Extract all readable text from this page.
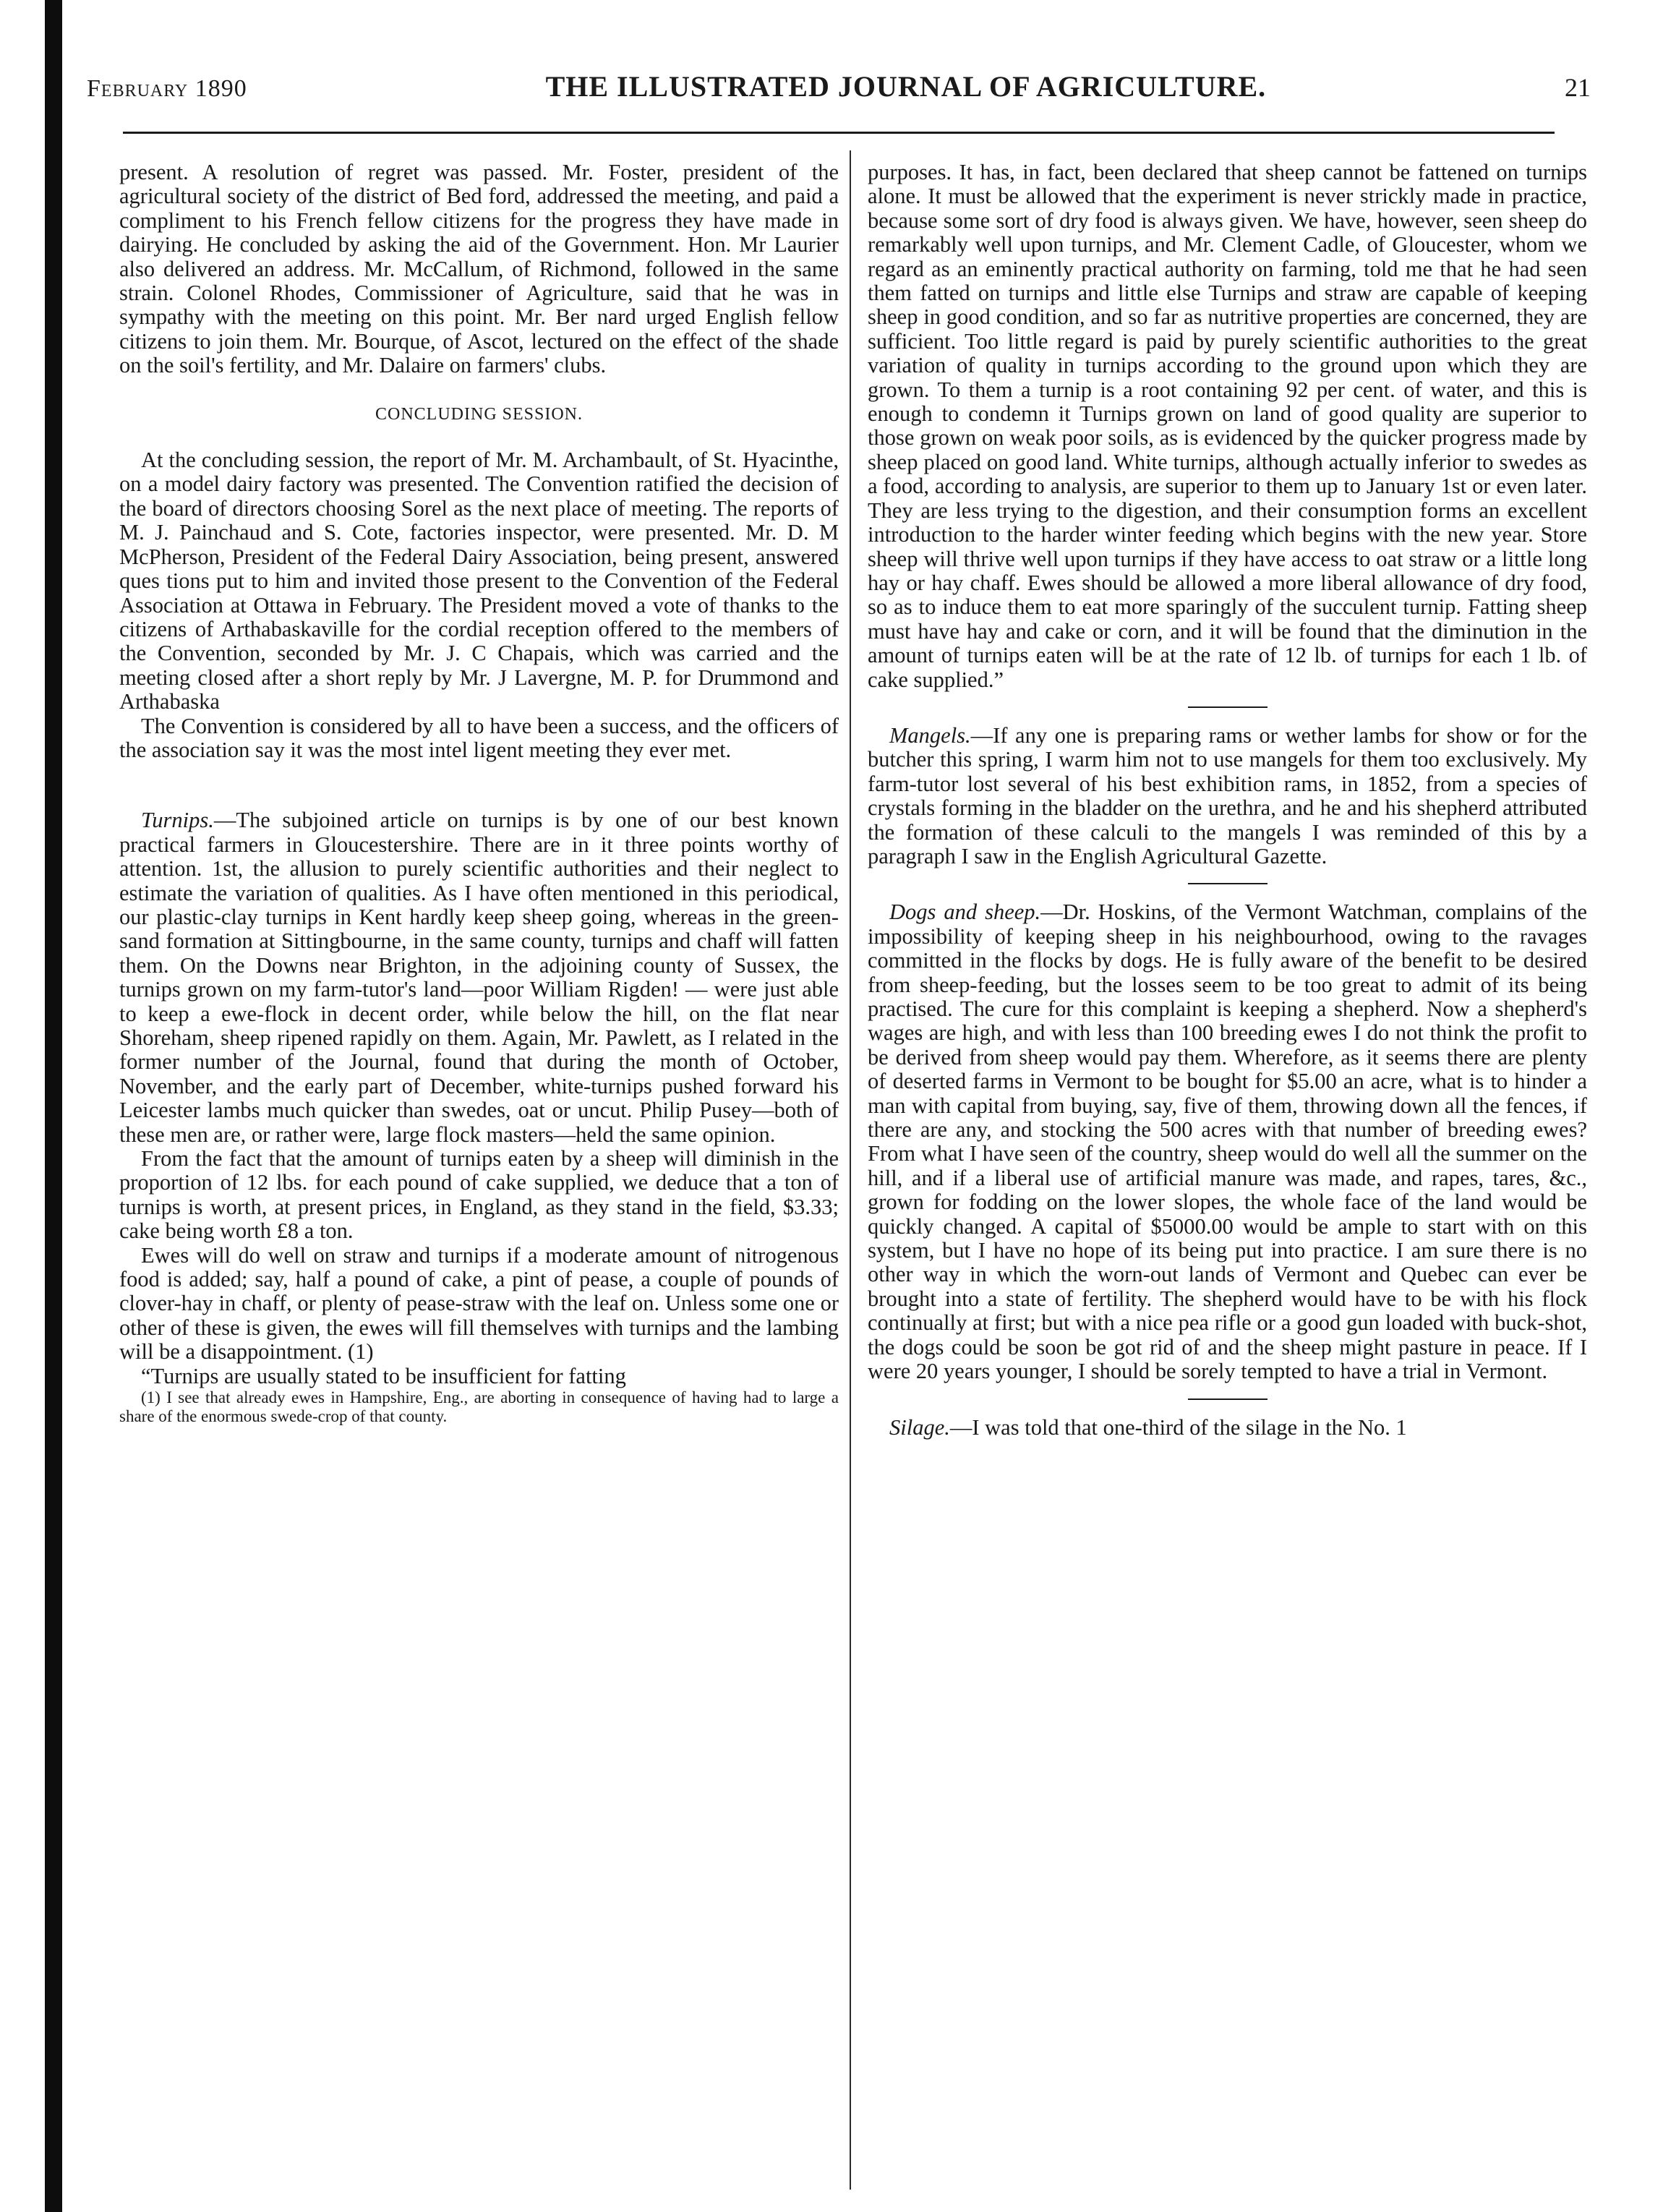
February 1890	THE ILLUSTRATED JOURNAL OF AGRICULTURE.	21

present. A resolution of regret was passed. Mr. Foster, president of the agricultural society of the district of Bed ford, addressed the meeting, and paid a compliment to his French fellow citizens for the progress they have made in dairying. He concluded by asking the aid of the Government. Hon. Mr Laurier also delivered an address. Mr. McCallum, of Richmond, followed in the same strain. Colonel Rhodes, Commissioner of Agriculture, said that he was in sympathy with the meeting on this point. Mr. Ber nard urged English fellow citizens to join them. Mr. Bourque, of Ascot, lectured on the effect of the shade on the soil's fertility, and Mr. Dalaire on farmers' clubs.

CONCLUDING SESSION.

At the concluding session, the report of Mr. M. Archambault, of St. Hyacinthe, on a model dairy factory was presented. The Convention ratified the decision of the board of directors choosing Sorel as the next place of meeting. The reports of M. J. Painchaud and S. Cote, factories inspector, were presented. Mr. D. M McPherson, President of the Federal Dairy Association, being present, answered ques tions put to him and invited those present to the Convention of the Federal Association at Ottawa in February. The President moved a vote of thanks to the citizens of Arthabaskaville for the cordial reception offered to the members of the Convention, seconded by Mr. J. C Chapais, which was carried and the meeting closed after a short reply by Mr. J Lavergne, M. P. for Drummond and Arthabaska

The Convention is considered by all to have been a success, and the officers of the association say it was the most intel ligent meeting they ever met.

Turnips.—The subjoined article on turnips is by one of our best known practical farmers in Gloucestershire. There are in it three points worthy of attention. 1st, the allusion to purely scientific authorities and their neglect to estimate the variation of qualities. As I have often mentioned in this periodical, our plastic-clay turnips in Kent hardly keep sheep going, whereas in the green-sand formation at Sittingbourne, in the same county, turnips and chaff will fatten them. On the Downs near Brighton, in the adjoining county of Sussex, the turnips grown on my farm-tutor's land—poor William Rigden! — were just able to keep a ewe-flock in decent order, while below the hill, on the flat near Shoreham, sheep ripened rapidly on them. Again, Mr. Pawlett, as I related in the former number of the Journal, found that during the month of October, November, and the early part of December, white-turnips pushed forward his Leicester lambs much quicker than swedes, oat or uncut. Philip Pusey—both of these men are, or rather were, large flock masters—held the same opinion.

From the fact that the amount of turnips eaten by a sheep will diminish in the proportion of 12 lbs. for each pound of cake supplied, we deduce that a ton of turnips is worth, at present prices, in England, as they stand in the field, $3.33; cake being worth £8 a ton.

Ewes will do well on straw and turnips if a moderate amount of nitrogenous food is added; say, half a pound of cake, a pint of pease, a couple of pounds of clover-hay in chaff, or plenty of pease-straw with the leaf on. Unless some one or other of these is given, the ewes will fill themselves with turnips and the lambing will be a disappointment. (1)

“Turnips are usually stated to be insufficient for fatting

(1) I see that already ewes in Hampshire, Eng., are aborting in consequence of having had to large a share of the enormous swede-crop of that county.

purposes. It has, in fact, been declared that sheep cannot be fattened on turnips alone. It must be allowed that the experiment is never strickly made in practice, because some sort of dry food is always given. We have, however, seen sheep do remarkably well upon turnips, and Mr. Clement Cadle, of Gloucester, whom we regard as an eminently practical authority on farming, told me that he had seen them fatted on turnips and little else Turnips and straw are capable of keeping sheep in good condition, and so far as nutritive properties are concerned, they are sufficient. Too little regard is paid by purely scientific authorities to the great variation of quality in turnips according to the ground upon which they are grown. To them a turnip is a root containing 92 per cent. of water, and this is enough to condemn it Turnips grown on land of good quality are superior to those grown on weak poor soils, as is evidenced by the quicker progress made by sheep placed on good land. White turnips, although actually inferior to swedes as a food, according to analysis, are superior to them up to January 1st or even later. They are less trying to the digestion, and their consumption forms an excellent introduction to the harder winter feeding which begins with the new year. Store sheep will thrive well upon turnips if they have access to oat straw or a little long hay or hay chaff. Ewes should be allowed a more liberal allowance of dry food, so as to induce them to eat more sparingly of the succulent turnip. Fatting sheep must have hay and cake or corn, and it will be found that the diminution in the amount of turnips eaten will be at the rate of 12 lb. of turnips for each 1 lb. of cake supplied.”

Mangels.—If any one is preparing rams or wether lambs for show or for the butcher this spring, I warm him not to use mangels for them too exclusively. My farm-tutor lost several of his best exhibition rams, in 1852, from a species of crystals forming in the bladder on the urethra, and he and his shepherd attributed the formation of these calculi to the mangels I was reminded of this by a paragraph I saw in the English Agricultural Gazette.

Dogs and sheep.—Dr. Hoskins, of the Vermont Watchman, complains of the impossibility of keeping sheep in his neighbourhood, owing to the ravages committed in the flocks by dogs. He is fully aware of the benefit to be desired from sheep-feeding, but the losses seem to be too great to admit of its being practised. The cure for this complaint is keeping a shepherd. Now a shepherd's wages are high, and with less than 100 breeding ewes I do not think the profit to be derived from sheep would pay them. Wherefore, as it seems there are plenty of deserted farms in Vermont to be bought for $5.00 an acre, what is to hinder a man with capital from buying, say, five of them, throwing down all the fences, if there are any, and stocking the 500 acres with that number of breeding ewes? From what I have seen of the country, sheep would do well all the summer on the hill, and if a liberal use of artificial manure was made, and rapes, tares, &c., grown for fodding on the lower slopes, the whole face of the land would be quickly changed. A capital of $5000.00 would be ample to start with on this system, but I have no hope of its being put into practice. I am sure there is no other way in which the worn-out lands of Vermont and Quebec can ever be brought into a state of fertility. The shepherd would have to be with his flock continually at first; but with a nice pea rifle or a good gun loaded with buck-shot, the dogs could be soon be got rid of and the sheep might pasture in peace. If I were 20 years younger, I should be sorely tempted to have a trial in Vermont.

Silage.—I was told that one-third of the silage in the No. 1
